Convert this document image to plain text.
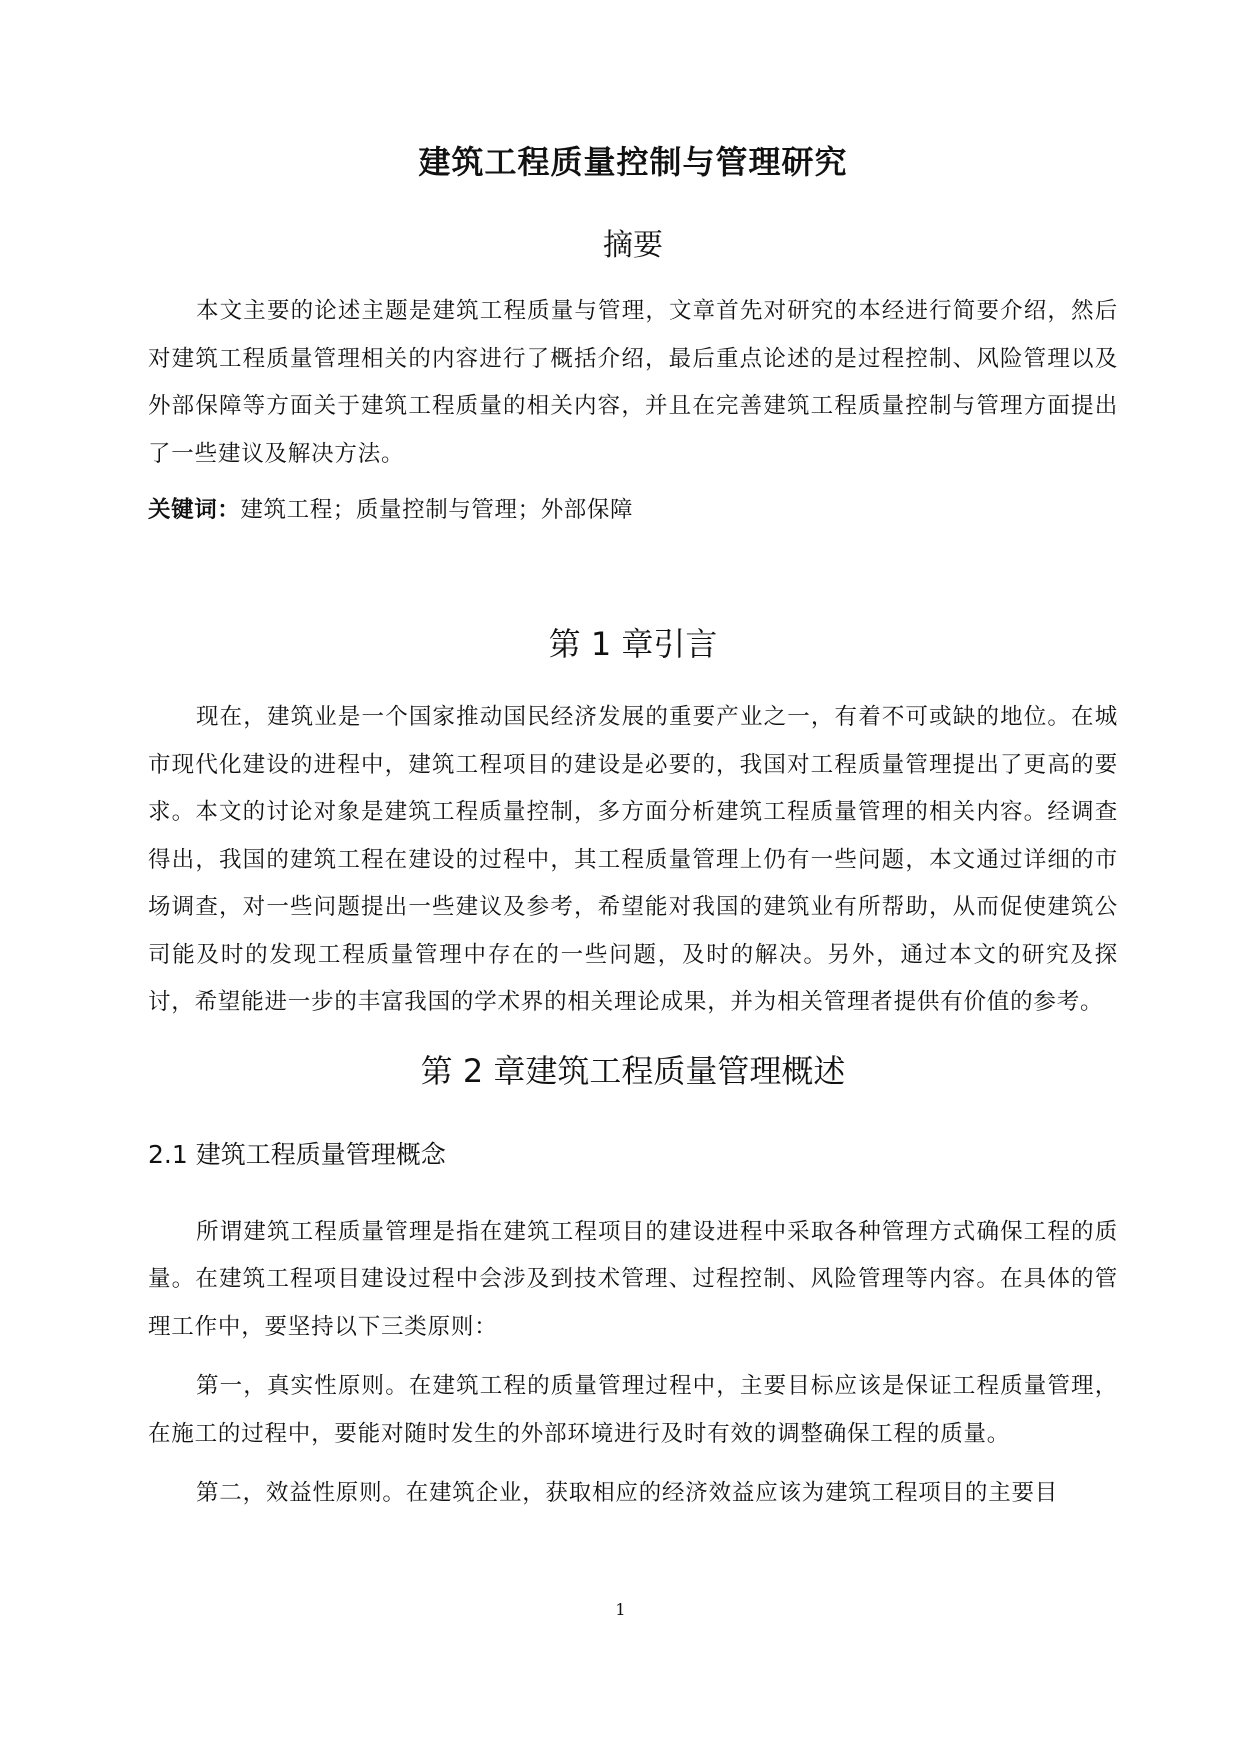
建筑工程质量控制与管理研究
摘要

本文主要的论述主题是建筑工程质量与管理，文章首先对研究的本经进行简要介绍，然后对建筑工程质量管理相关的内容进行了概括介绍，最后重点论述的是过程控制、风险管理以及外部保障等方面关于建筑工程质量的相关内容，并且在完善建筑工程质量控制与管理方面提出了一些建议及解决方法。

关键词：建筑工程；质量控制与管理；外部保障

第 1 章引言

现在，建筑业是一个国家推动国民经济发展的重要产业之一，有着不可或缺的地位。在城市现代化建设的进程中，建筑工程项目的建设是必要的，我国对工程质量管理提出了更高的要求。本文的讨论对象是建筑工程质量控制，多方面分析建筑工程质量管理的相关内容。经调查得出，我国的建筑工程在建设的过程中，其工程质量管理上仍有一些问题，本文通过详细的市场调查，对一些问题提出一些建议及参考，希望能对我国的建筑业有所帮助，从而促使建筑公司能及时的发现工程质量管理中存在的一些问题，及时的解决。另外，通过本文的研究及探讨，希望能进一步的丰富我国的学术界的相关理论成果，并为相关管理者提供有价值的参考。

第 2 章建筑工程质量管理概述
2.1 建筑工程质量管理概念

所谓建筑工程质量管理是指在建筑工程项目的建设进程中采取各种管理方式确保工程的质量。在建筑工程项目建设过程中会涉及到技术管理、过程控制、风险管理等内容。在具体的管理工作中，要坚持以下三类原则：

第一，真实性原则。在建筑工程的质量管理过程中，主要目标应该是保证工程质量管理，在施工的过程中，要能对随时发生的外部环境进行及时有效的调整确保工程的质量。

第二，效益性原则。在建筑企业，获取相应的经济效益应该为建筑工程项目的主要目

1
